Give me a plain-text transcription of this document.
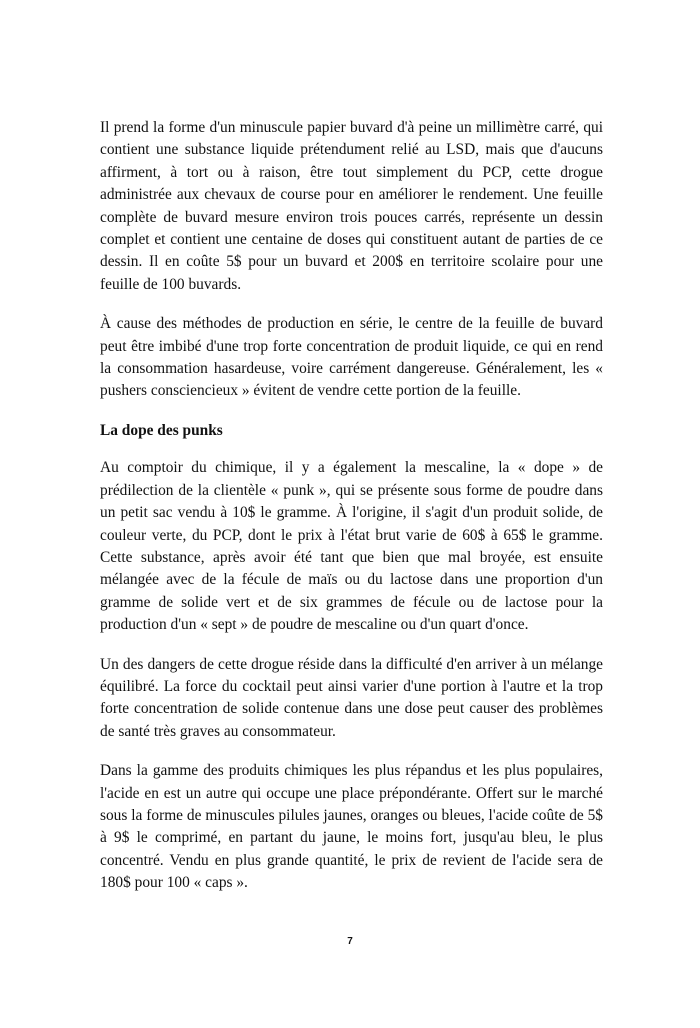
Il prend la forme d'un minuscule papier buvard d'à peine un millimètre carré, qui contient une substance liquide prétendument relié au LSD, mais que d'aucuns affirment, à tort ou à raison, être tout simplement du PCP, cette drogue administrée aux chevaux de course pour en améliorer le rendement. Une feuille complète de buvard mesure environ trois pouces carrés, représente un dessin complet et contient une centaine de doses qui constituent autant de parties de ce dessin. Il en coûte 5$ pour un buvard et 200$ en territoire scolaire pour une feuille de 100 buvards.

À cause des méthodes de production en série, le centre de la feuille de buvard peut être imbibé d'une trop forte concentration de produit liquide, ce qui en rend la consommation hasardeuse, voire carrément dangereuse. Généralement, les « pushers consciencieux » évitent de vendre cette portion de la feuille.

La dope des punks

Au comptoir du chimique, il y a également la mescaline, la « dope » de prédilection de la clientèle « punk », qui se présente sous forme de poudre dans un petit sac vendu à 10$ le gramme. À l'origine, il s'agit d'un produit solide, de couleur verte, du PCP, dont le prix à l'état brut varie de 60$ à 65$ le gramme. Cette substance, après avoir été tant que bien que mal broyée, est ensuite mélangée avec de la fécule de maïs ou du lactose dans une proportion d'un gramme de solide vert et de six grammes de fécule ou de lactose pour la production d'un « sept » de poudre de mescaline ou d'un quart d'once.

Un des dangers de cette drogue réside dans la difficulté d'en arriver à un mélange équilibré. La force du cocktail peut ainsi varier d'une portion à l'autre et la trop forte concentration de solide contenue dans une dose peut causer des problèmes de santé très graves au consommateur.

Dans la gamme des produits chimiques les plus répandus et les plus populaires, l'acide en est un autre qui occupe une place prépondérante. Offert sur le marché sous la forme de minuscules pilules jaunes, oranges ou bleues, l'acide coûte de 5$ à 9$ le comprimé, en partant du jaune, le moins fort, jusqu'au bleu, le plus concentré. Vendu en plus grande quantité, le prix de revient de l'acide sera de 180$ pour 100 « caps ».

7
